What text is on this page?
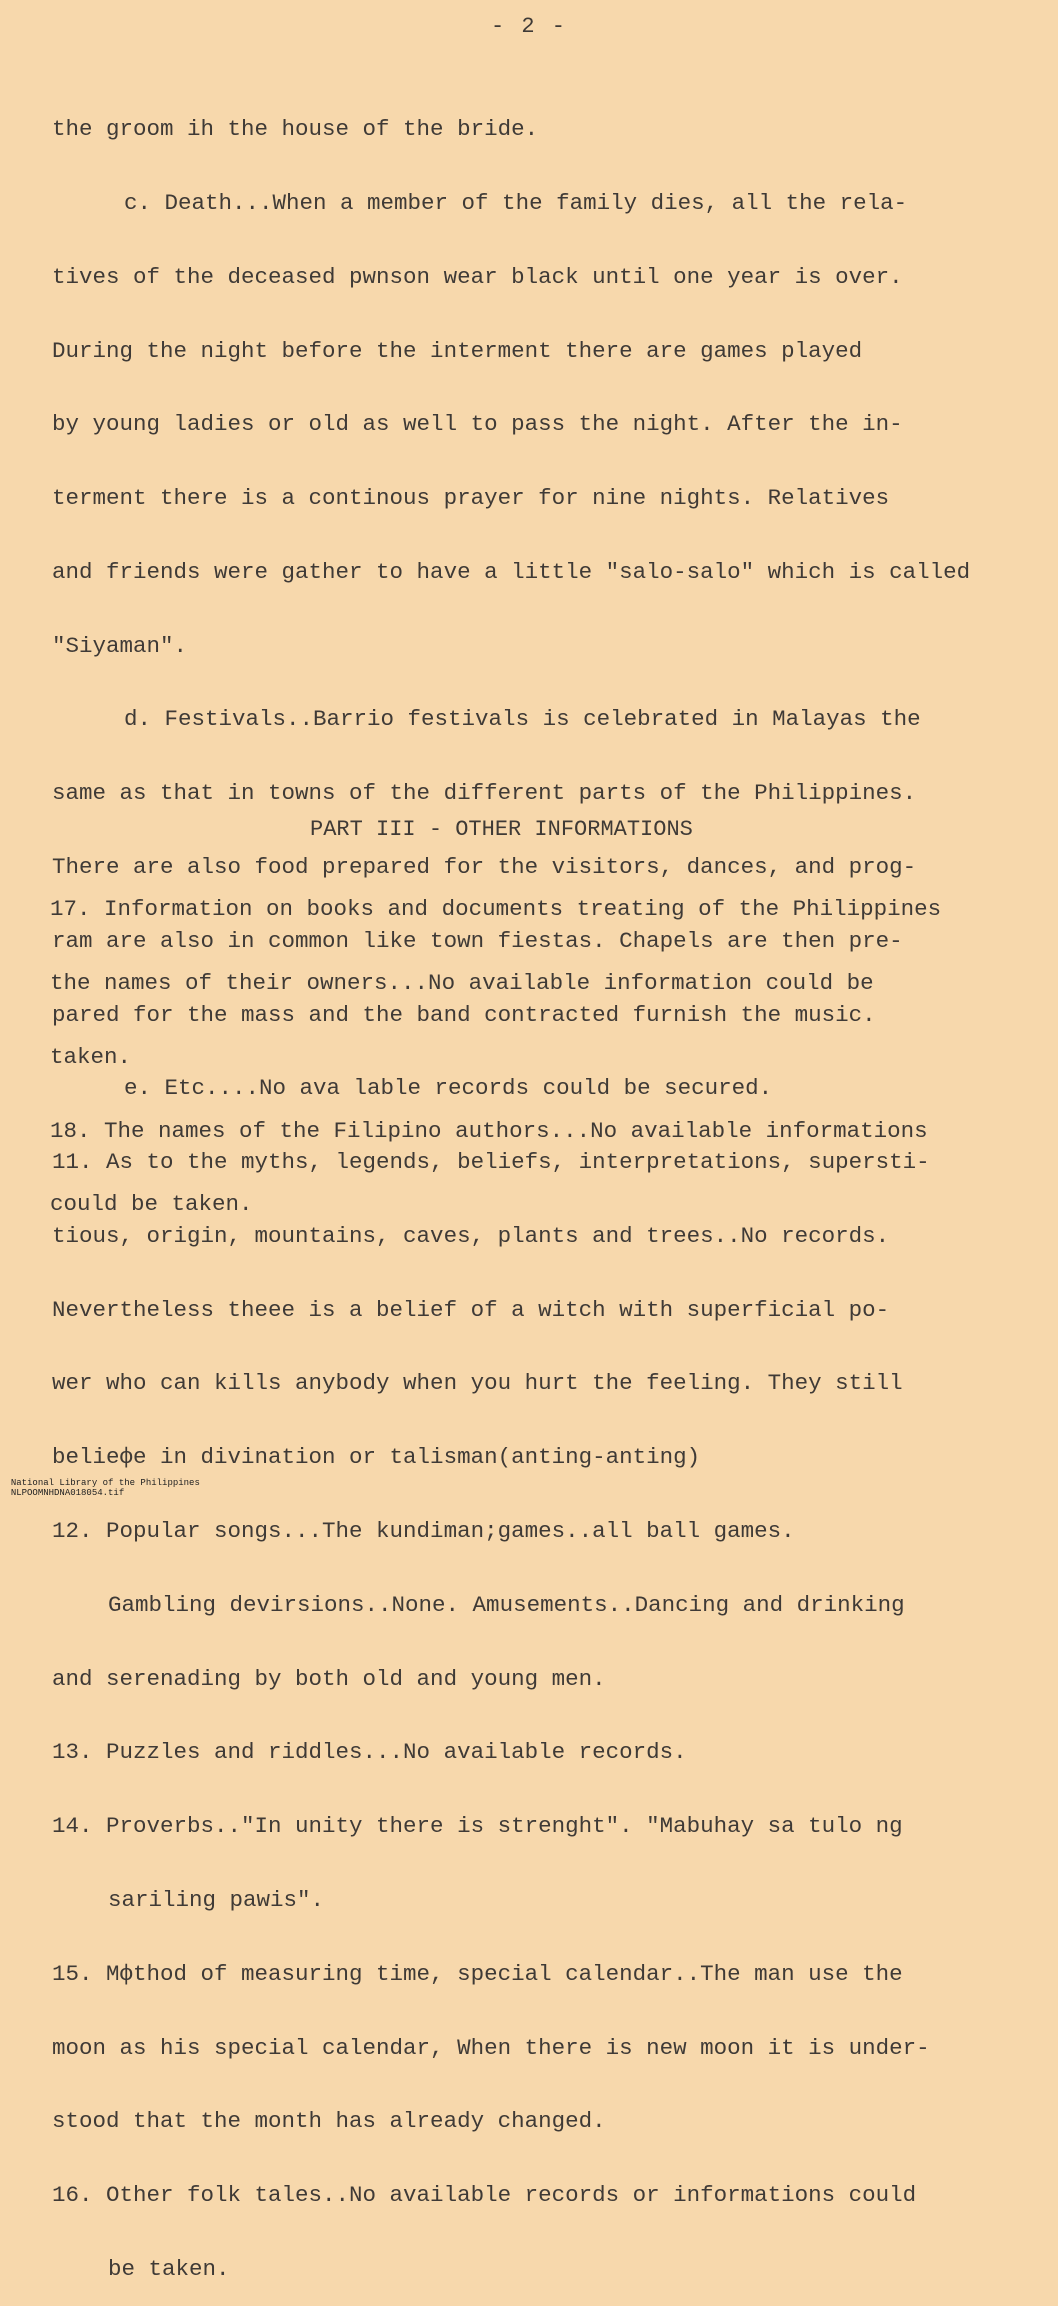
- 2 -

the groom ih the house of the bride.

c. Death...When a member of the family dies, all the rela-

tives of the deceased pwnson wear black until one year is over.

During the night before the interment there are games played

by young ladies or old as well to pass the night. After the in-

terment there is a continous prayer for nine nights. Relatives

and friends were gather to have a little "salo-salo" which is called

"Siyaman".

d. Festivals..Barrio festivals is celebrated in Malayas the

same as that in towns of the different parts of the Philippines.

There are also food prepared for the visitors, dances, and prog-

ram are also in common like town fiestas. Chapels are then pre-

pared for the mass and the band contracted furnish the music.

e. Etc....No ava lable records could be secured.

11. As to the myths, legends, beliefs, interpretations, supersti-

tious, origin, mountains, caves, plants and trees..No records.

Nevertheless theee is a belief of a witch with superficial po-

wer who can kills anybody when you hurt the feeling. They still

belieфe in divination or talisman(anting-anting)

12. Popular songs...The kundiman;games..all ball games.

Gambling devirsions..None. Amusements..Dancing and drinking

and serenading by both old and young men.

13. Puzzles and riddles...No available records.

14. Proverbs.."In unity there is strenght". "Mabuhay sa tulo ng

sariling pawis".

15. Mфthod of measuring time, special calendar..The man use the

moon as his special calendar, When there is new moon it is under-

stood that the month has already changed.

16. Other folk tales..No available records or informations could

be taken.

PART III - OTHER INFORMATIONS

17. Information on books and documents treating of the Philippines

the names of their owners...No available information could be

taken.

18. The names of the Filipino authors...No available informations

could be taken.

National Library of the Philippines
NLPOOMNHDNA018054.tif
